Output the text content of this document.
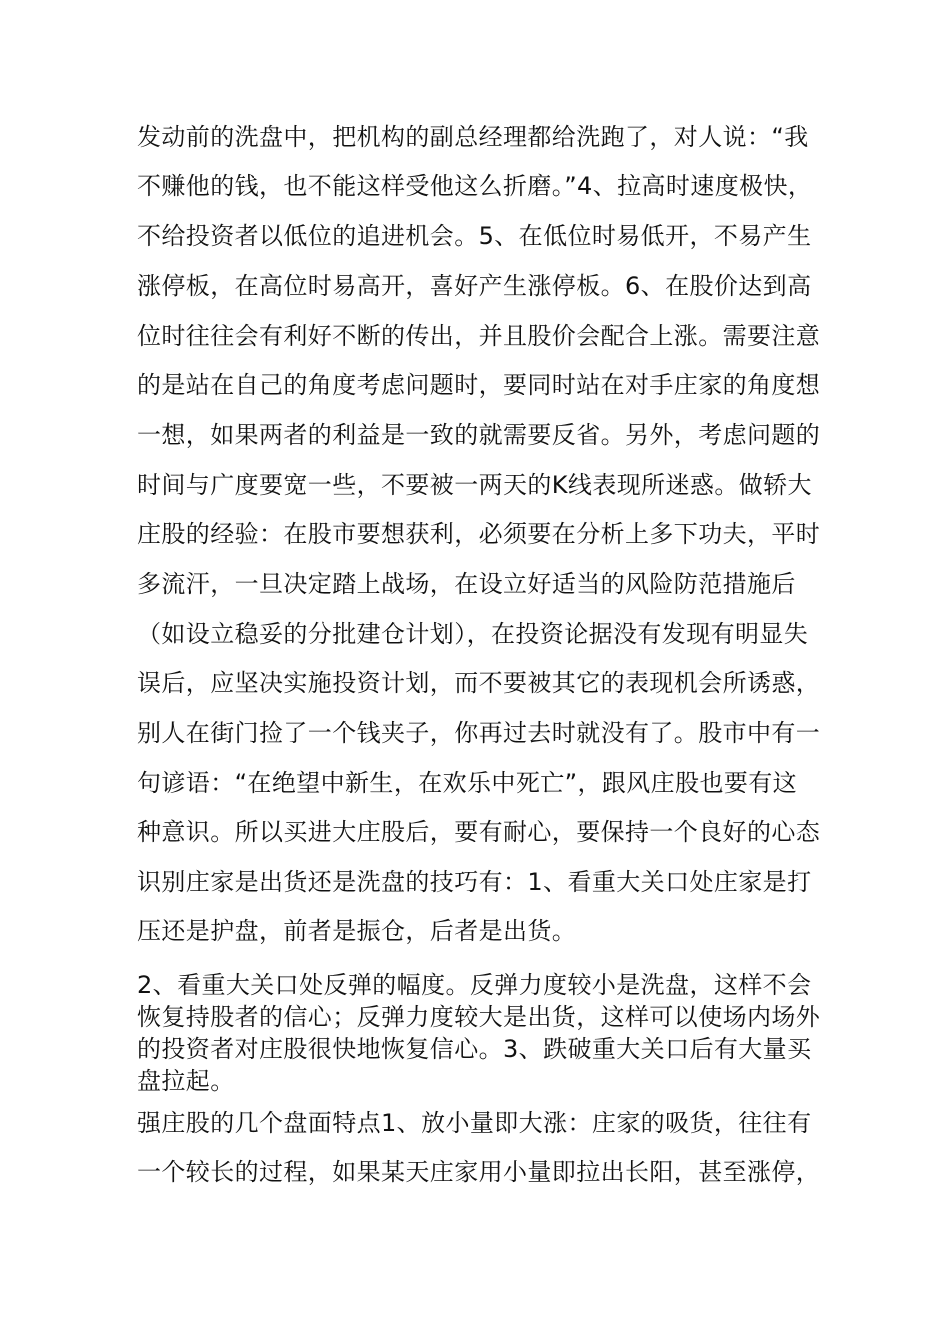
发动前的洗盘中，把机构的副总经理都给洗跑了，对人说：“我
不赚他的钱，也不能这样受他这么折磨。”4、拉高时速度极快，
不给投资者以低位的追进机会。5、在低位时易低开，不易产生
涨停板，在高位时易高开，喜好产生涨停板。6、在股价达到高
位时往往会有利好不断的传出，并且股价会配合上涨。需要注意
的是站在自己的角度考虑问题时，要同时站在对手庄家的角度想
一想，如果两者的利益是一致的就需要反省。另外，考虑问题的
时间与广度要宽一些，不要被一两天的K线表现所迷惑。做轿大
庄股的经验：在股市要想获利，必须要在分析上多下功夫，平时
多流汗，一旦决定踏上战场，在设立好适当的风险防范措施后
（如设立稳妥的分批建仓计划），在投资论据没有发现有明显失
误后，应坚决实施投资计划，而不要被其它的表现机会所诱惑，
别人在街门捡了一个钱夹子，你再过去时就没有了。股市中有一
句谚语：“在绝望中新生，在欢乐中死亡”，跟风庄股也要有这
种意识。所以买进大庄股后，要有耐心，要保持一个良好的心态
识别庄家是出货还是洗盘的技巧有：1、看重大关口处庄家是打
压还是护盘，前者是振仓，后者是出货。
2、看重大关口处反弹的幅度。反弹力度较小是洗盘，这样不会
恢复持股者的信心；反弹力度较大是出货，这样可以使场内场外
的投资者对庄股很快地恢复信心。3、跌破重大关口后有大量买
盘拉起。
强庄股的几个盘面特点1、放小量即大涨：庄家的吸货，往往有
一个较长的过程，如果某天庄家用小量即拉出长阳，甚至涨停，
